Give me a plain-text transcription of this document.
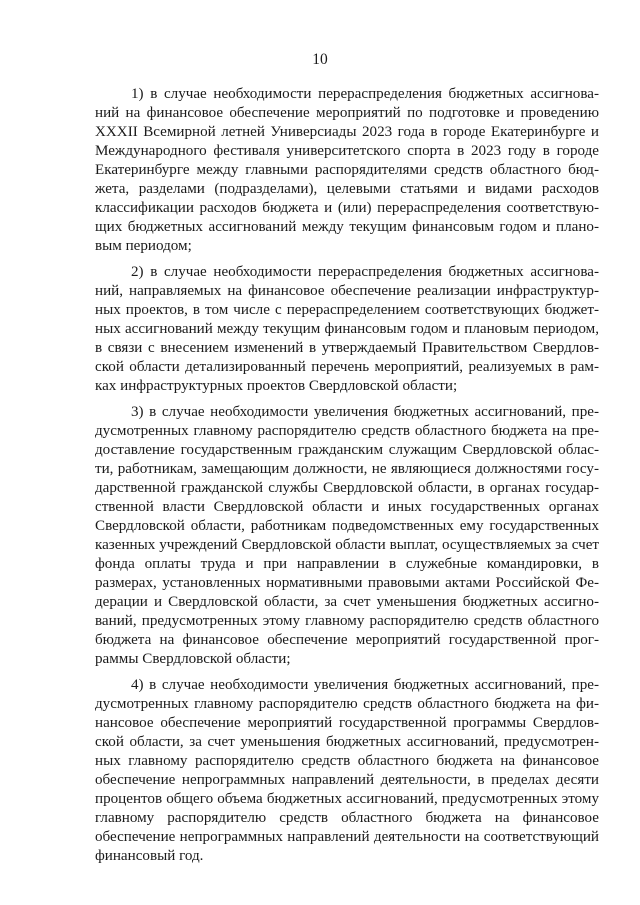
10

1) в случае необходимости перераспределения бюджетных ассигнований на финансовое обеспечение мероприятий по подготовке и проведению XXXII Всемирной летней Универсиады 2023 года в городе Екатеринбурге и Международного фестиваля университетского спорта в 2023 году в городе Екатеринбурге между главными распорядителями средств областного бюджета, разделами (подразделами), целевыми статьями и видами расходов классификации расходов бюджета и (или) перераспределения соответствующих бюджетных ассигнований между текущим финансовым годом и плановым периодом;

2) в случае необходимости перераспределения бюджетных ассигнований, направляемых на финансовое обеспечение реализации инфраструктурных проектов, в том числе с перераспределением соответствующих бюджетных ассигнований между текущим финансовым годом и плановым периодом, в связи с внесением изменений в утверждаемый Правительством Свердловской области детализированный перечень мероприятий, реализуемых в рамках инфраструктурных проектов Свердловской области;

3) в случае необходимости увеличения бюджетных ассигнований, предусмотренных главному распорядителю средств областного бюджета на предоставление государственным гражданским служащим Свердловской области, работникам, замещающим должности, не являющиеся должностями государственной гражданской службы Свердловской области, в органах государственной власти Свердловской области и иных государственных органах Свердловской области, работникам подведомственных ему государственных казенных учреждений Свердловской области выплат, осуществляемых за счет фонда оплаты труда и при направлении в служебные командировки, в размерах, установленных нормативными правовыми актами Российской Федерации и Свердловской области, за счет уменьшения бюджетных ассигнований, предусмотренных этому главному распорядителю средств областного бюджета на финансовое обеспечение мероприятий государственной программы Свердловской области;

4) в случае необходимости увеличения бюджетных ассигнований, предусмотренных главному распорядителю средств областного бюджета на финансовое обеспечение мероприятий государственной программы Свердловской области, за счет уменьшения бюджетных ассигнований, предусмотренных главному распорядителю средств областного бюджета на финансовое обеспечение непрограммных направлений деятельности, в пределах десяти процентов общего объема бюджетных ассигнований, предусмотренных этому главному распорядителю средств областного бюджета на финансовое обеспечение непрограммных направлений деятельности на соответствующий финансовый год.
